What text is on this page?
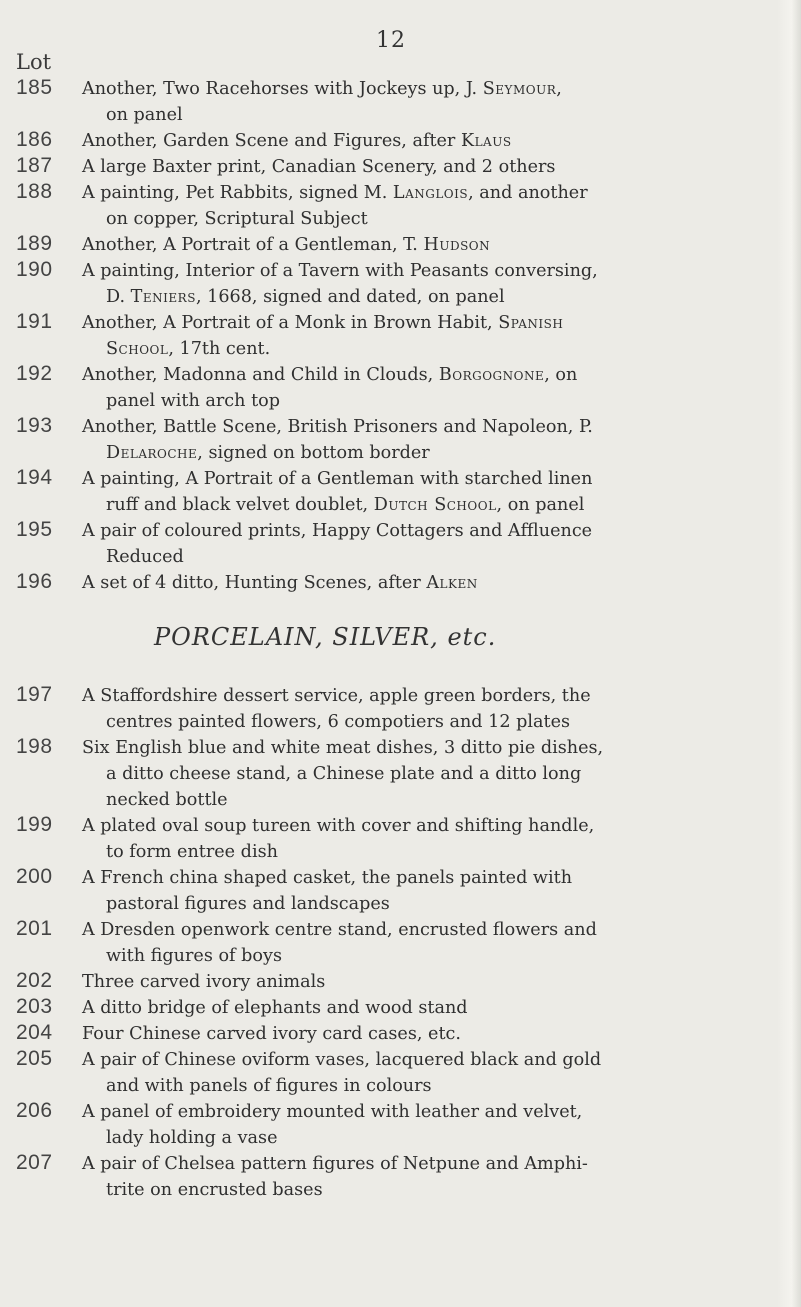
12
Lot
185 Another, Two Racehorses with Jockeys up, J. Seymour,

on panel

186 Another, Garden Scene and Figures, after Klaus

187 A large Baxter print, Canadian Scenery, and 2 others

188 A painting, Pet Rabbits, signed M. Langlois, and another

on copper, Scriptural Subject

189 Another, A Portrait of a Gentleman, T. Hudson

190 A painting, Interior of a Tavern with Peasants conversing,

D. Teniers, 1668, signed and dated, on panel

191 Another, A Portrait of a Monk in Brown Habit, Spanish

School, 17th cent.

192 Another, Madonna and Child in Clouds, Borgognone, on

panel with arch top

193 Another, Battle Scene, British Prisoners and Napoleon, P.

Delaroche, signed on bottom border

194 A painting, A Portrait of a Gentleman with starched linen

ruff and black velvet doublet, Dutch School, on panel

195 A pair of coloured prints, Happy Cottagers and Affluence

Reduced

196 A set of 4 ditto, Hunting Scenes, after Alken

PORCELAIN, SILVER, etc.
197 A Staffordshire dessert service, apple green borders, the

centres painted flowers, 6 compotiers and 12 plates

198 Six English blue and white meat dishes, 3 ditto pie dishes,

a ditto cheese stand, a Chinese plate and a ditto long

necked bottle

199 A plated oval soup tureen with cover and shifting handle,

to form entree dish

200 A French china shaped casket, the panels painted with

pastoral figures and landscapes

201 A Dresden openwork centre stand, encrusted flowers and

with figures of boys

202 Three carved ivory animals

203 A ditto bridge of elephants and wood stand

204 Four Chinese carved ivory card cases, etc.

205 A pair of Chinese oviform vases, lacquered black and gold

and with panels of figures in colours

206 A panel of embroidery mounted with leather and velvet,

lady holding a vase

207 A pair of Chelsea pattern figures of Netpune and Amphi-

trite on encrusted bases
